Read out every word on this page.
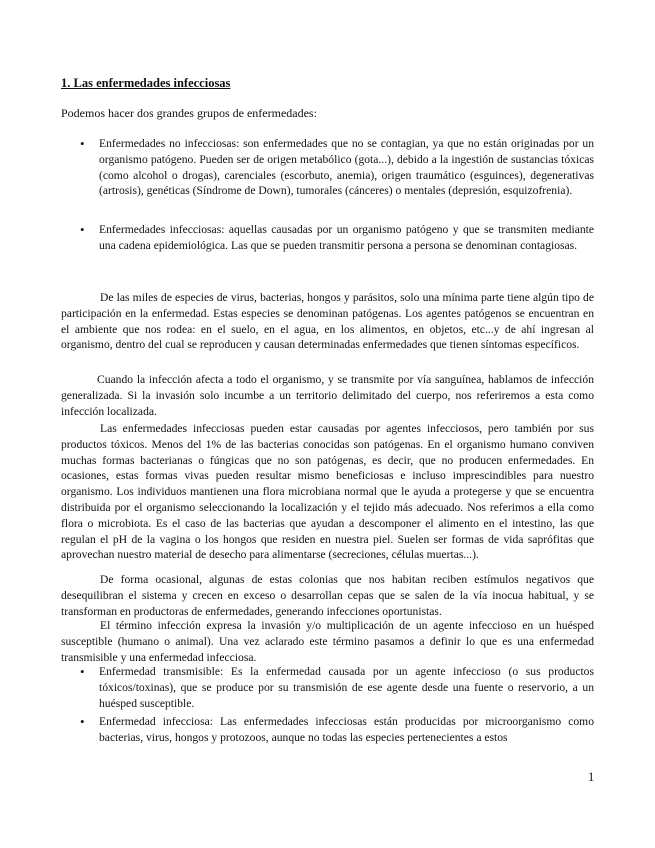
1. Las enfermedades infecciosas
Podemos hacer dos grandes grupos de enfermedades:
• Enfermedades no infecciosas: son enfermedades que no se contagian, ya que no están originadas por un organismo patógeno. Pueden ser de origen metabólico (gota...), debido a la ingestión de sustancias tóxicas (como alcohol o drogas), carenciales (escorbuto, anemia), origen traumático (esguinces), degenerativas (artrosis), genéticas (Síndrome de Down), tumorales (cánceres) o mentales (depresión, esquizofrenia).

• Enfermedades infecciosas: aquellas causadas por un organismo patógeno y que se transmiten mediante una cadena epidemiológica. Las que se pueden transmitir persona a persona se denominan contagiosas.

De las miles de especies de virus, bacterias, hongos y parásitos, solo una mínima parte tiene algún tipo de participación en la enfermedad. Estas especies se denominan patógenas. Los agentes patógenos se encuentran en el ambiente que nos rodea: en el suelo, en el agua, en los alimentos, en objetos, etc...y de ahí ingresan al organismo, dentro del cual se reproducen y causan determinadas enfermedades que tienen síntomas específicos.

Cuando la infección afecta a todo el organismo, y se transmite por vía sanguínea, hablamos de infección generalizada. Si la invasión solo incumbe a un territorio delimitado del cuerpo, nos referiremos a esta como infección localizada.

Las enfermedades infecciosas pueden estar causadas por agentes infecciosos, pero también por sus productos tóxicos. Menos del 1% de las bacterias conocidas son patógenas. En el organismo humano conviven muchas formas bacterianas o fúngicas que no son patógenas, es decir, que no producen enfermedades. En ocasiones, estas formas vivas pueden resultar mismo beneficiosas e incluso imprescindibles para nuestro organismo. Los individuos mantienen una flora microbiana normal que le ayuda a protegerse y que se encuentra distribuida por el organismo seleccionando la localización y el tejido más adecuado. Nos referimos a ella como flora o microbiota. Es el caso de las bacterias que ayudan a descomponer el alimento en el intestino, las que regulan el pH de la vagina o los hongos que residen en nuestra piel. Suelen ser formas de vida saprófitas que aprovechan nuestro material de desecho para alimentarse (secreciones, células muertas...).

De forma ocasional, algunas de estas colonias que nos habitan reciben estímulos negativos que desequilibran el sistema y crecen en exceso o desarrollan cepas que se salen de la vía inocua habitual, y se transforman en productoras de enfermedades, generando infecciones oportunistas.

El término infección expresa la invasión y/o multiplicación de un agente infeccioso en un huésped susceptible (humano o animal). Una vez aclarado este término pasamos a definir lo que es una enfermedad transmisible y una enfermedad infecciosa.

• Enfermedad transmisible: Es la enfermedad causada por un agente infeccioso (o sus productos tóxicos/toxinas), que se produce por su transmisión de ese agente desde una fuente o reservorio, a un huésped susceptible.

• Enfermedad infecciosa: Las enfermedades infecciosas están producidas por microorganismo como bacterias, virus, hongos y protozoos, aunque no todas las especies pertenecientes a estos

1
